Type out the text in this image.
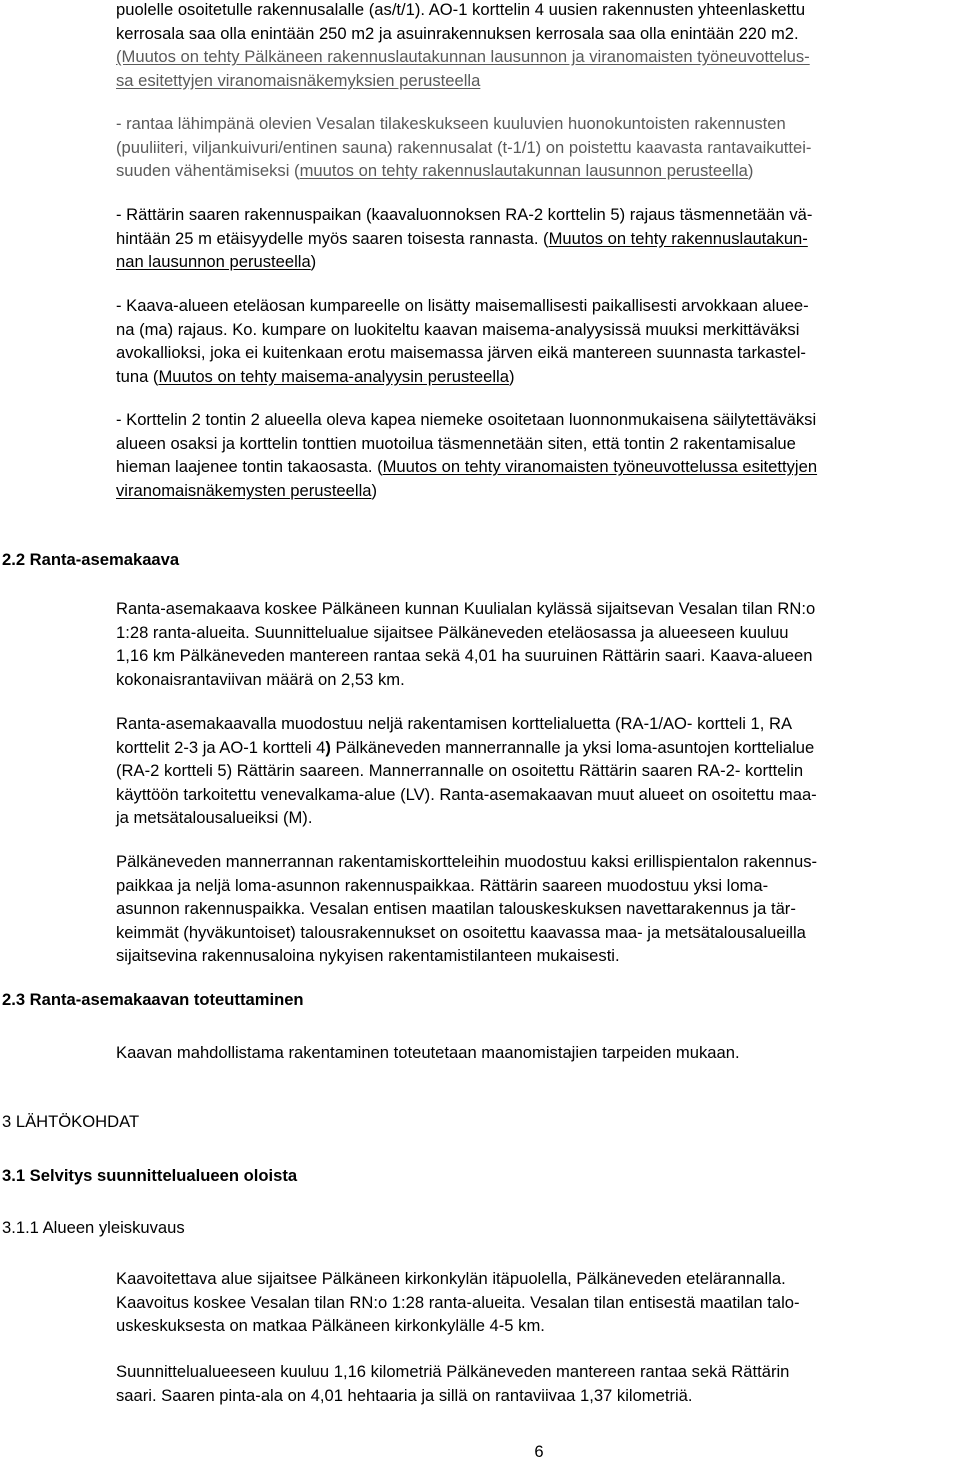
puolelle osoitetulle rakennusalalle (as/t/1). AO-1 korttelin 4 uusien rakennusten yhteenlaskettu
kerrosala saa olla enintään 250 m2 ja asuinrakennuksen kerrosala saa olla enintään 220 m2.
(Muutos on tehty Pälkäneen rakennuslautakunnan lausunnon ja viranomaisten työneuvottelus-
sa esitettyjen viranomaisnäkemyksien perusteella

- rantaa lähimpänä olevien Vesalan tilakeskukseen kuuluvien huonokuntoisten rakennusten
(puuliiteri, viljankuivuri/entinen sauna) rakennusalat (t-1/1) on poistettu kaavasta rantavaikuttei-
suuden vähentämiseksi (muutos on tehty rakennuslautakunnan lausunnon perusteella)

- Rättärin saaren rakennuspaikan (kaavaluonnoksen RA-2 korttelin 5) rajaus täsmennetään vä-
hintään 25 m etäisyydelle myös saaren toisesta rannasta. (Muutos on tehty rakennuslautakun-
nan lausunnon perusteella)

- Kaava-alueen eteläosan kumpareelle on lisätty maisemallisesti paikallisesti arvokkaan aluee-
na (ma) rajaus. Ko. kumpare on luokiteltu kaavan maisema-analyysissä muuksi merkittäväksi
avokallioksi, joka ei kuitenkaan erotu maisemassa järven eikä mantereen suunnasta tarkastel-
tuna (Muutos on tehty maisema-analyysin perusteella)

- Korttelin 2 tontin 2 alueella oleva kapea niemeke osoitetaan luonnonmukaisena säilytettäväksi
alueen osaksi ja korttelin tonttien muotoilua täsmennetään siten, että tontin 2 rakentamisalue
hieman laajenee tontin takaosasta. (Muutos on tehty viranomaisten työneuvottelussa esitettyjen
viranomaisnäkemysten perusteella)

2.2 Ranta-asemakaava

Ranta-asemakaava koskee Pälkäneen kunnan Kuulialan kylässä sijaitsevan Vesalan tilan RN:o
1:28 ranta-alueita. Suunnittelualue sijaitsee Pälkäneveden eteläosassa ja alueeseen kuuluu
1,16 km Pälkäneveden mantereen rantaa sekä 4,01 ha suuruinen Rättärin saari. Kaava-alueen
kokonaisrantaviivan määrä on 2,53 km.

Ranta-asemakaavalla muodostuu neljä rakentamisen korttelialuetta (RA-1/AO- kortteli 1, RA
korttelit 2-3 ja AO-1 kortteli 4) Pälkäneveden mannerrannalle ja yksi loma-asuntojen korttelialue
(RA-2 kortteli 5) Rättärin saareen. Mannerrannalle on osoitettu Rättärin saaren RA-2- korttelin
käyttöön tarkoitettu venevalkama-alue (LV). Ranta-asemakaavan muut alueet on osoitettu maa-
ja metsätalousalueiksi (M).

Pälkäneveden mannerrannan rakentamiskortteleihin muodostuu kaksi erillispientalon rakennus-
paikkaa ja neljä loma-asunnon rakennuspaikkaa. Rättärin saareen muodostuu yksi loma-
asunnon rakennuspaikka. Vesalan entisen maatilan talouskeskuksen navettarakennus ja tär-
keimmät (hyväkuntoiset) talousrakennukset on osoitettu kaavassa maa- ja metsätalousalueilla
sijaitsevina rakennusaloina nykyisen rakentamistilanteen mukaisesti.

2.3 Ranta-asemakaavan toteuttaminen

Kaavan mahdollistama rakentaminen toteutetaan maanomistajien tarpeiden mukaan.

3 LÄHTÖKOHDAT
3.1 Selvitys suunnittelualueen oloista
3.1.1 Alueen yleiskuvaus

Kaavoitettava alue sijaitsee Pälkäneen kirkonkylän itäpuolella, Pälkäneveden etelärannalla.
Kaavoitus koskee Vesalan tilan RN:o 1:28 ranta-alueita. Vesalan tilan entisestä maatilan talo-
uskeskuksesta on matkaa Pälkäneen kirkonkylälle 4-5 km.

Suunnittelualueeseen kuuluu 1,16 kilometriä Pälkäneveden mantereen rantaa sekä Rättärin
saari. Saaren pinta-ala on 4,01 hehtaaria ja sillä on rantaviivaa 1,37 kilometriä.

6
